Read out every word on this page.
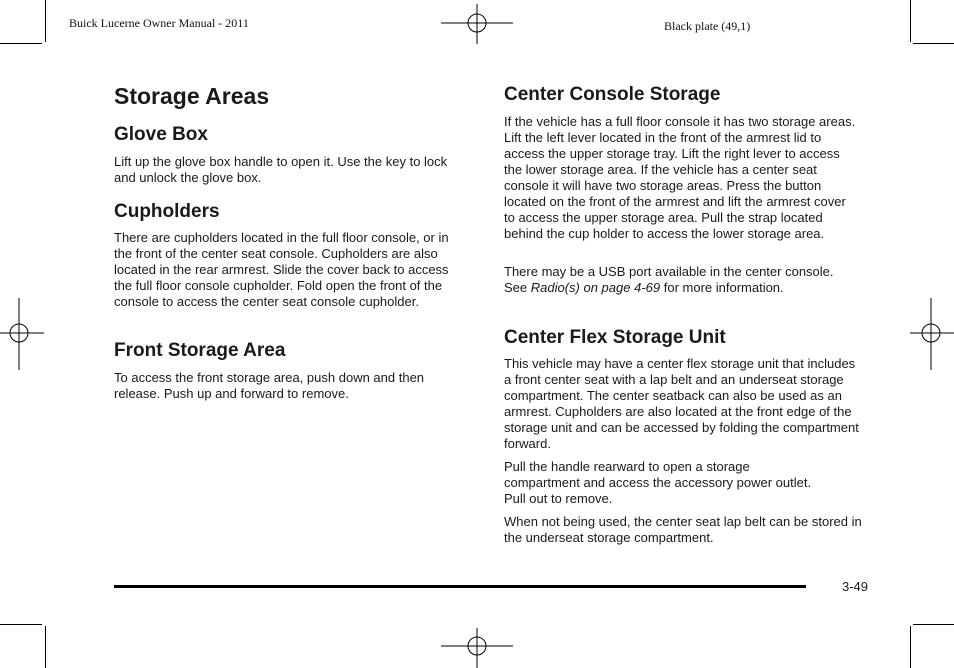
Buick Lucerne Owner Manual - 2011	Black plate (49,1)
Storage Areas
Glove Box

Lift up the glove box handle to open it. Use the key to lock and unlock the glove box.

Cupholders

There are cupholders located in the full floor console, or in the front of the center seat console. Cupholders are also located in the rear armrest. Slide the cover back to access the full floor console cupholder. Fold open the front of the console to access the center seat console cupholder.

Front Storage Area

To access the front storage area, push down and then release. Push up and forward to remove.

Center Console Storage

If the vehicle has a full floor console it has two storage areas. Lift the left lever located in the front of the armrest lid to access the upper storage tray. Lift the right lever to access the lower storage area. If the vehicle has a center seat console it will have two storage areas. Press the button located on the front of the armrest and lift the armrest cover to access the upper storage area. Pull the strap located behind the cup holder to access the lower storage area.

There may be a USB port available in the center console. See Radio(s) on page 4-69 for more information.

Center Flex Storage Unit

This vehicle may have a center flex storage unit that includes a front center seat with a lap belt and an underseat storage compartment. The center seatback can also be used as an armrest. Cupholders are also located at the front edge of the storage unit and can be accessed by folding the compartment forward.

Pull the handle rearward to open a storage compartment and access the accessory power outlet. Pull out to remove.

When not being used, the center seat lap belt can be stored in the underseat storage compartment.

3-49
